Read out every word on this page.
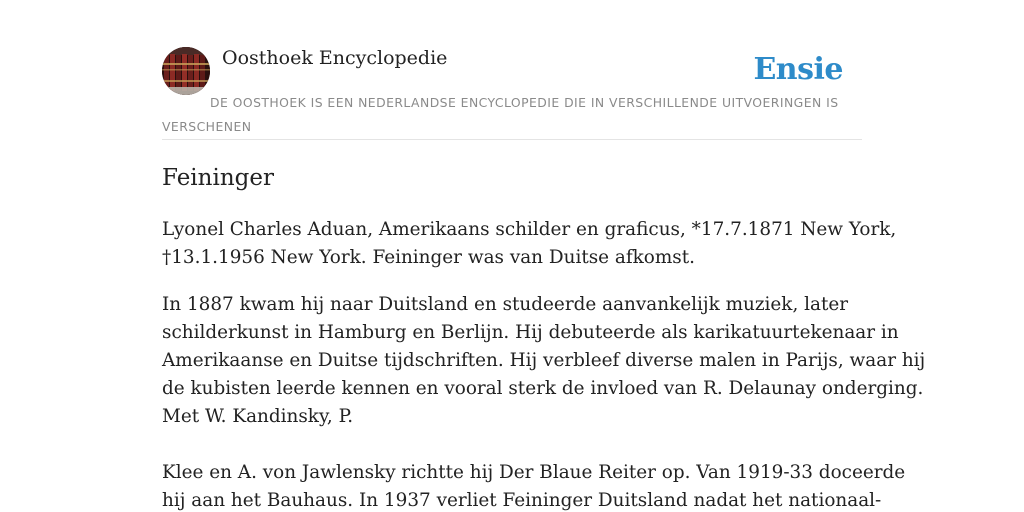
Oosthoek Encyclopedie	Ensie

DE OOSTHOEK IS EEN NEDERLANDSE ENCYCLOPEDIE DIE IN VERSCHILLENDE UITVOERINGEN IS VERSCHENEN

Feininger

Lyonel Charles Aduan, Amerikaans schilder en graficus, *17.7.1871 New York,
†13.1.1956 New York. Feininger was van Duitse afkomst.

In 1887 kwam hij naar Duitsland en studeerde aanvankelijk muziek, later
schilderkunst in Hamburg en Berlijn. Hij debuteerde als karikatuurtekenaar in
Amerikaanse en Duitse tijdschriften. Hij verbleef diverse malen in Parijs, waar hij
de kubisten leerde kennen en vooral sterk de invloed van R. Delaunay onderging.
Met W. Kandinsky, P.

Klee en A. von Jawlensky richtte hij Der Blaue Reiter op. Van 1919-33 doceerde
hij aan het Bauhaus. In 1937 verliet Feininger Duitsland nadat het nationaal-
